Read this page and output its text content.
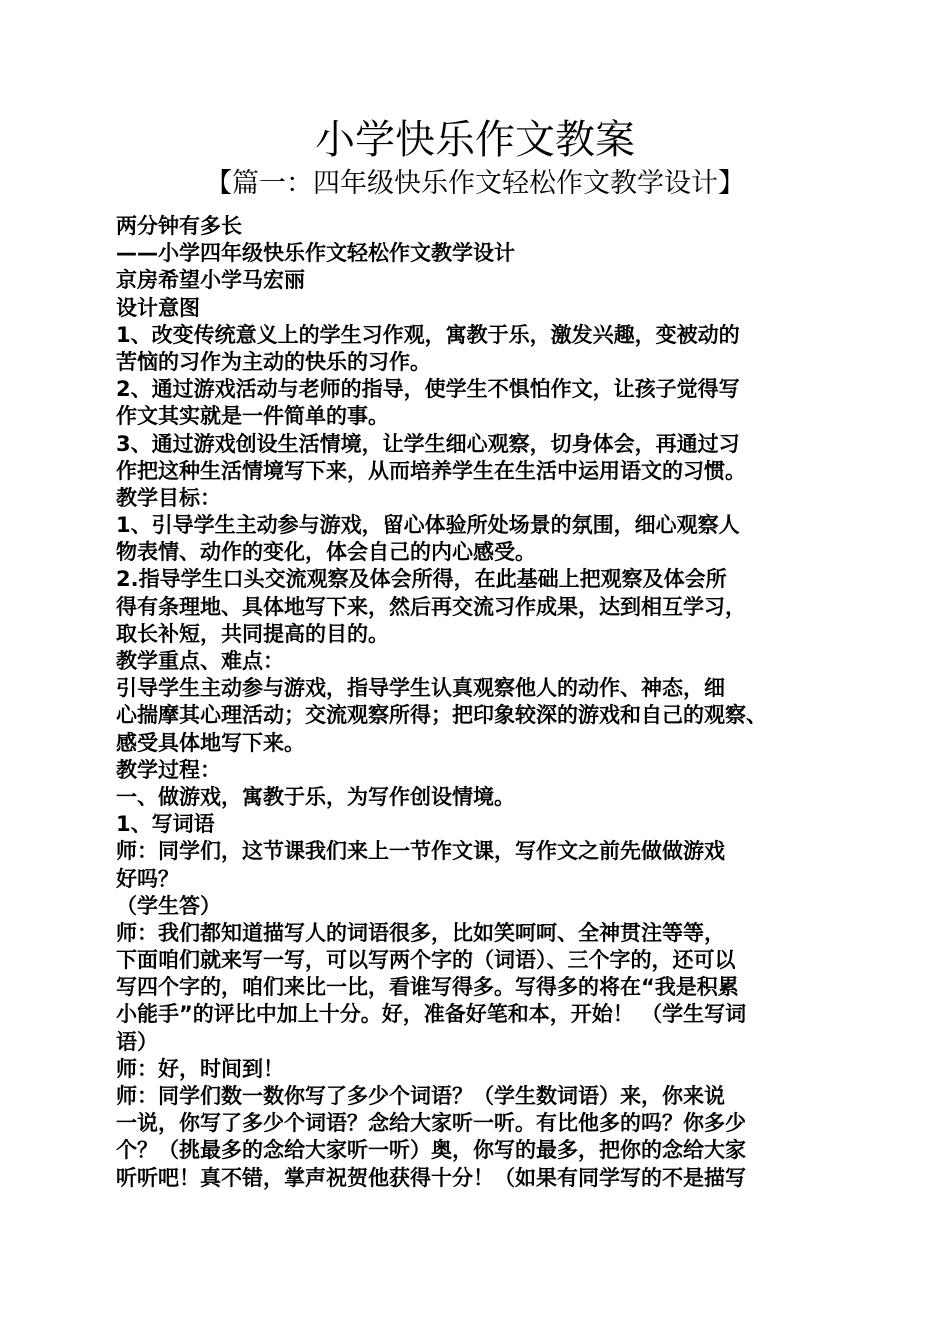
小学快乐作文教案
【篇一：四年级快乐作文轻松作文教学设计】
两分钟有多长
——小学四年级快乐作文轻松作文教学设计
京房希望小学马宏丽
设计意图
1、改变传统意义上的学生习作观，寓教于乐，激发兴趣，变被动的
苦恼的习作为主动的快乐的习作。
2、通过游戏活动与老师的指导，使学生不惧怕作文，让孩子觉得写
作文其实就是一件简单的事。
3、通过游戏创设生活情境，让学生细心观察，切身体会，再通过习
作把这种生活情境写下来，从而培养学生在生活中运用语文的习惯。
教学目标：
1、引导学生主动参与游戏，留心体验所处场景的氛围，细心观察人
物表情、动作的变化，体会自己的内心感受。
2.指导学生口头交流观察及体会所得，在此基础上把观察及体会所
得有条理地、具体地写下来，然后再交流习作成果，达到相互学习，
取长补短，共同提高的目的。
教学重点、难点：
引导学生主动参与游戏，指导学生认真观察他人的动作、神态，细
心揣摩其心理活动；交流观察所得；把印象较深的游戏和自己的观察、
感受具体地写下来。
教学过程：
一、做游戏，寓教于乐，为写作创设情境。
1、写词语
师：同学们，这节课我们来上一节作文课，写作文之前先做做游戏
好吗？
（学生答）
师：我们都知道描写人的词语很多，比如笑呵呵、全神贯注等等，
下面咱们就来写一写，可以写两个字的（词语）、三个字的，还可以
写四个字的，咱们来比一比，看谁写得多。写得多的将在“我是积累
小能手”的评比中加上十分。好，准备好笔和本，开始！ （学生写词
语）
师：好，时间到！
师：同学们数一数你写了多少个词语？（学生数词语）来，你来说
一说，你写了多少个词语？念给大家听一听。有比他多的吗？你多少
个？（挑最多的念给大家听一听）奥，你写的最多，把你的念给大家
听听吧！真不错，掌声祝贺他获得十分！（如果有同学写的不是描写
